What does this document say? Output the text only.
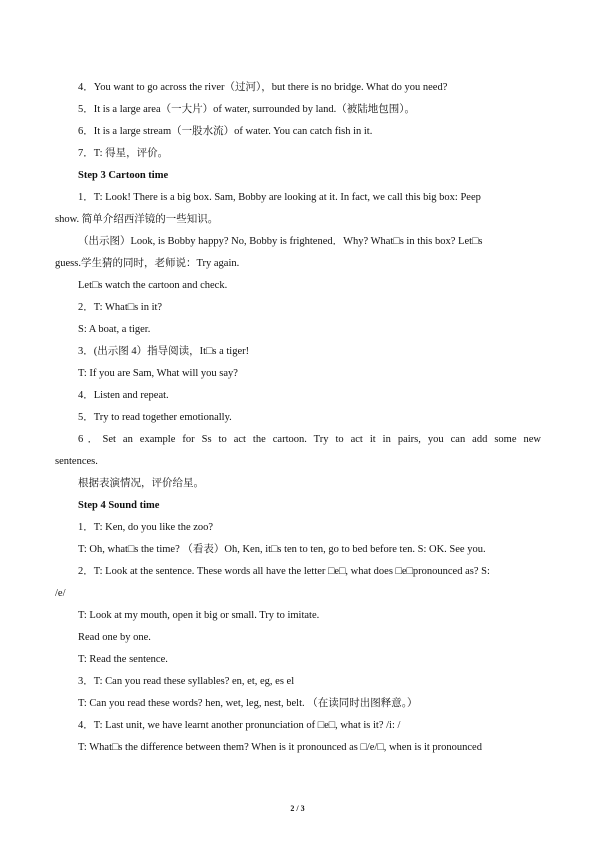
4．You want to go across the river（过河），but there is no bridge. What do you need?
5．It is a large area（一大片）of water, surrounded by land.（被陆地包围）。
6．It is a large stream（一股水流）of water. You can catch fish in it.
7．T: 得星，评价。
Step 3 Cartoon time
1．T: Look! There is a big box. Sam, Bobby are looking at it. In fact, we call this big box: Peep
show. 简单介绍西洋镜的一些知识。
（出示图）Look, is Bobby happy? No, Bobby is frightened．Why? What□s in this box? Let□s
guess.学生猜的同时，老师说：Try again.
Let□s watch the cartoon and check.
2．T: What□s in it?
S: A boat, a tiger.
3．(出示图 4）指导阅读，It□s a tiger!
T: If you are Sam, What will you say?
4．Listen and repeat.
5．Try to read together emotionally.
6．Set an example for Ss to act the cartoon. Try to act it in pairs, you can add some new
sentences.
根据表演情况，评价给星。
Step 4 Sound time
1．T: Ken, do you like the zoo?
T: Oh, what□s the time? （看表）Oh, Ken, it□s ten to ten, go to bed before ten. S: OK. See you.
2．T: Look at the sentence. These words all have the letter □e□, what does □e□pronounced as? S:
/e/
T: Look at my mouth, open it big or small. Try to imitate.
Read one by one.
T: Read the sentence.
3．T: Can you read these syllables? en, et, eg, es el
T: Can you read these words? hen, wet, leg, nest, belt. （在读同时出图释意。）
4．T: Last unit, we have learnt another pronunciation of □e□, what is it? /i: /
T: What□s the difference between them? When is it pronounced as □/e/□, when is it pronounced
2 / 3
